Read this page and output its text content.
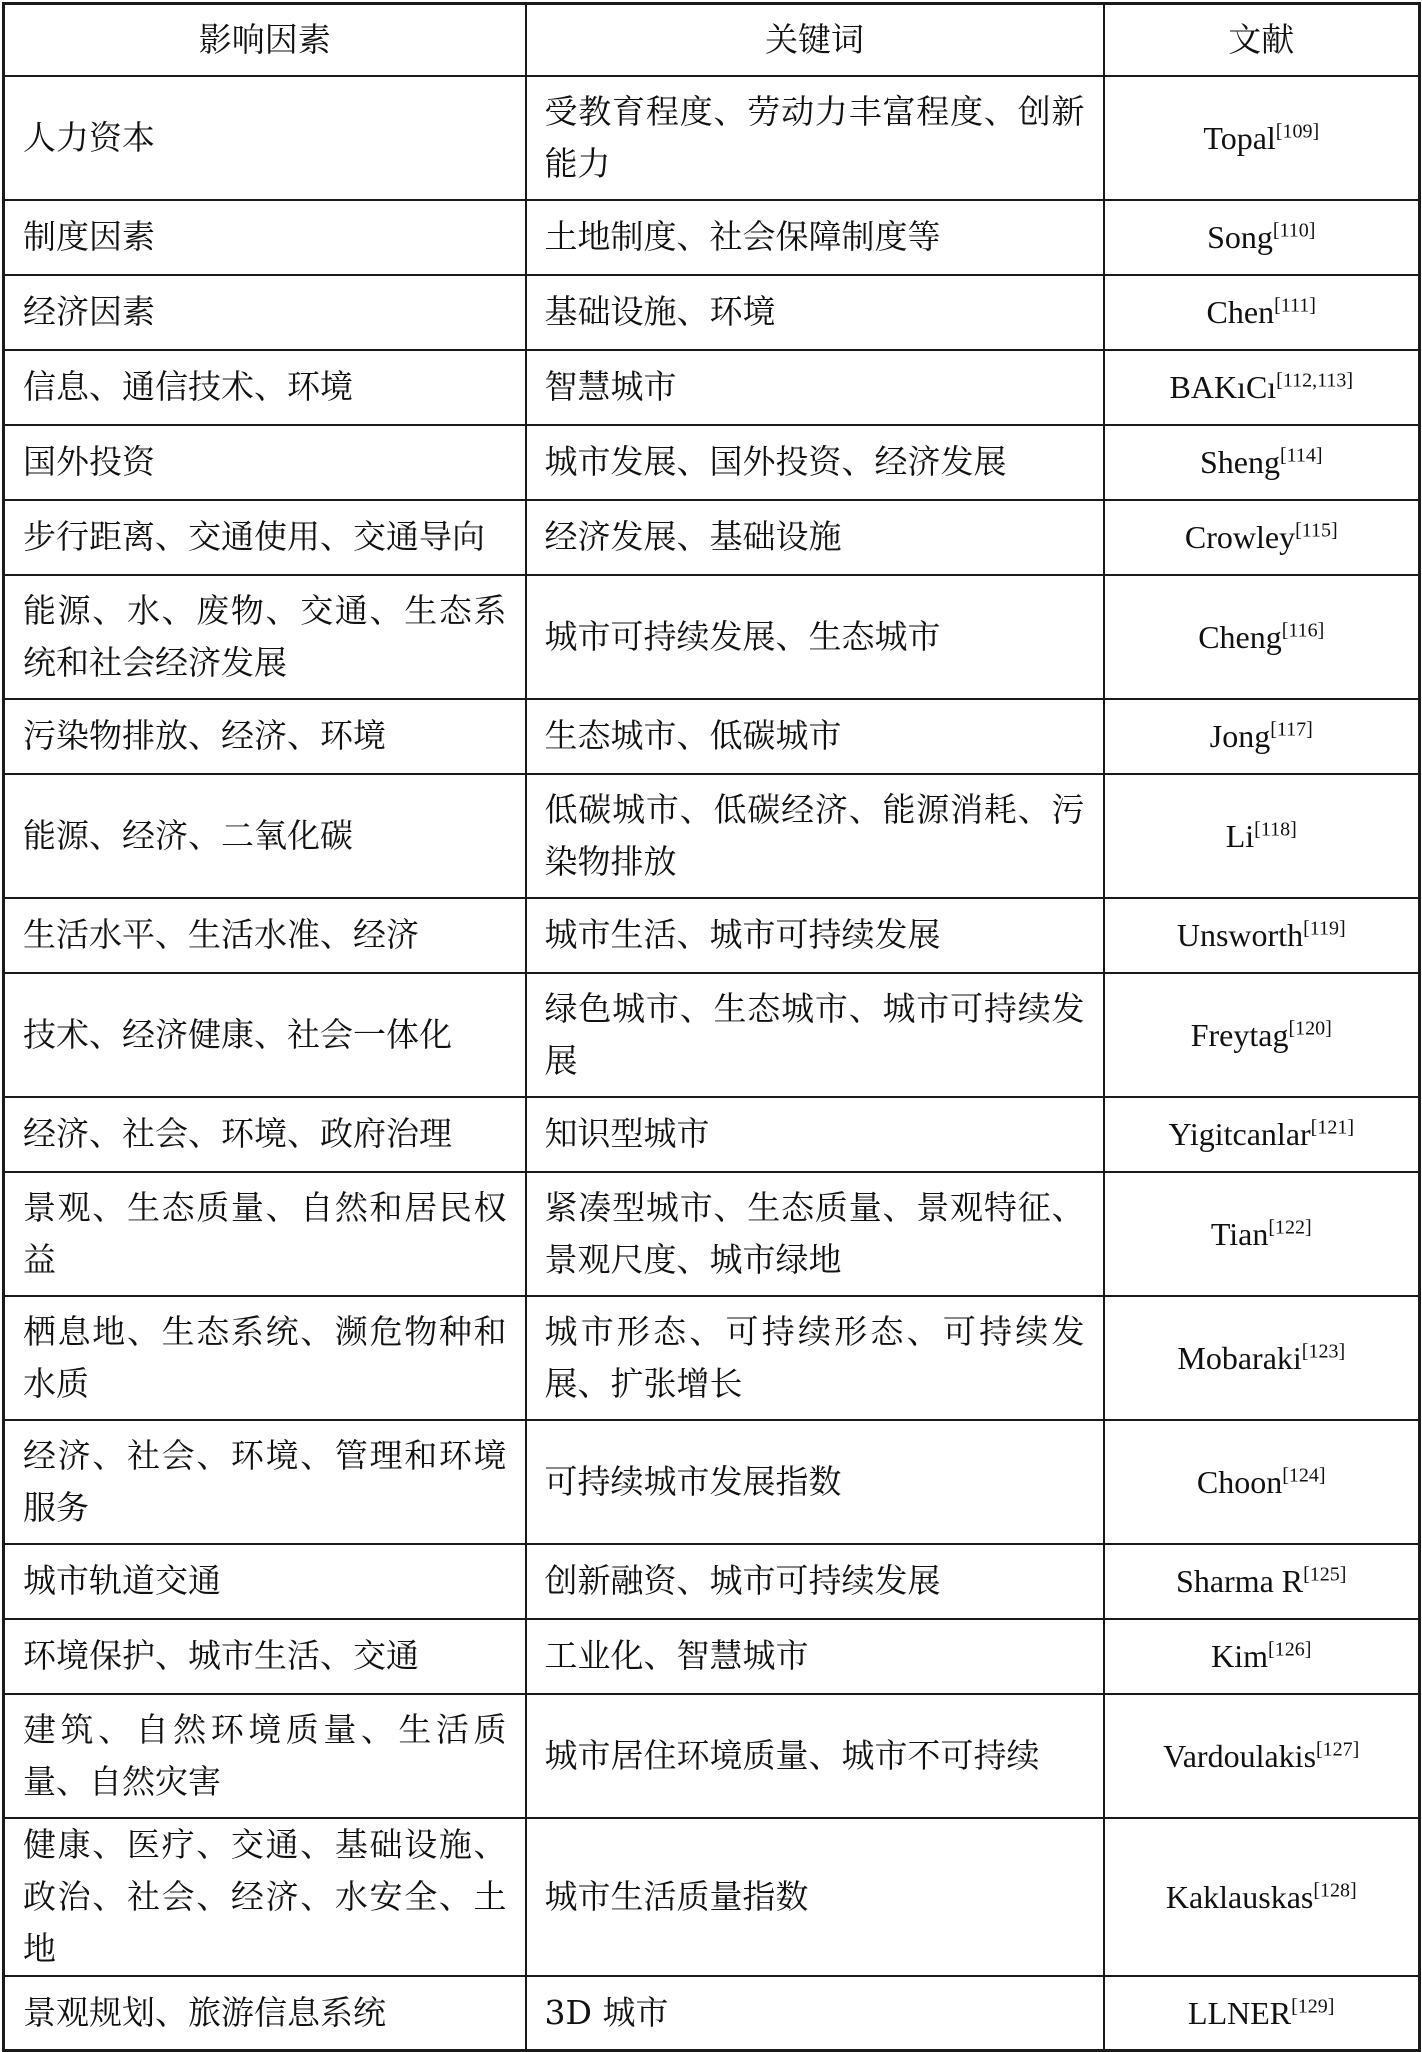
影响因素	关键词	文献
人力资本	受教育程度、劳动力丰富程度、创新能力	Topal[109]
制度因素	土地制度、社会保障制度等	Song[110]
经济因素	基础设施、环境	Chen[111]
信息、通信技术、环境	智慧城市	BAKıCı[112,113]
国外投资	城市发展、国外投资、经济发展	Sheng[114]
步行距离、交通使用、交通导向	经济发展、基础设施	Crowley[115]
能源、水、废物、交通、生态系统和社会经济发展	城市可持续发展、生态城市	Cheng[116]
污染物排放、经济、环境	生态城市、低碳城市	Jong[117]
能源、经济、二氧化碳	低碳城市、低碳经济、能源消耗、污染物排放	Li[118]
生活水平、生活水准、经济	城市生活、城市可持续发展	Unsworth[119]
技术、经济健康、社会一体化	绿色城市、生态城市、城市可持续发展	Freytag[120]
经济、社会、环境、政府治理	知识型城市	Yigitcanlar[121]
景观、生态质量、自然和居民权益	紧凑型城市、生态质量、景观特征、景观尺度、城市绿地	Tian[122]
栖息地、生态系统、濒危物种和水质	城市形态、可持续形态、可持续发展、扩张增长	Mobaraki[123]
经济、社会、环境、管理和环境服务	可持续城市发展指数	Choon[124]
城市轨道交通	创新融资、城市可持续发展	Sharma R[125]
环境保护、城市生活、交通	工业化、智慧城市	Kim[126]
建筑、自然环境质量、生活质量、自然灾害	城市居住环境质量、城市不可持续	Vardoulakis[127]
健康、医疗、交通、基础设施、政治、社会、经济、水安全、土地	城市生活质量指数	Kaklauskas[128]
景观规划、旅游信息系统	3D 城市	LLNER[129]
